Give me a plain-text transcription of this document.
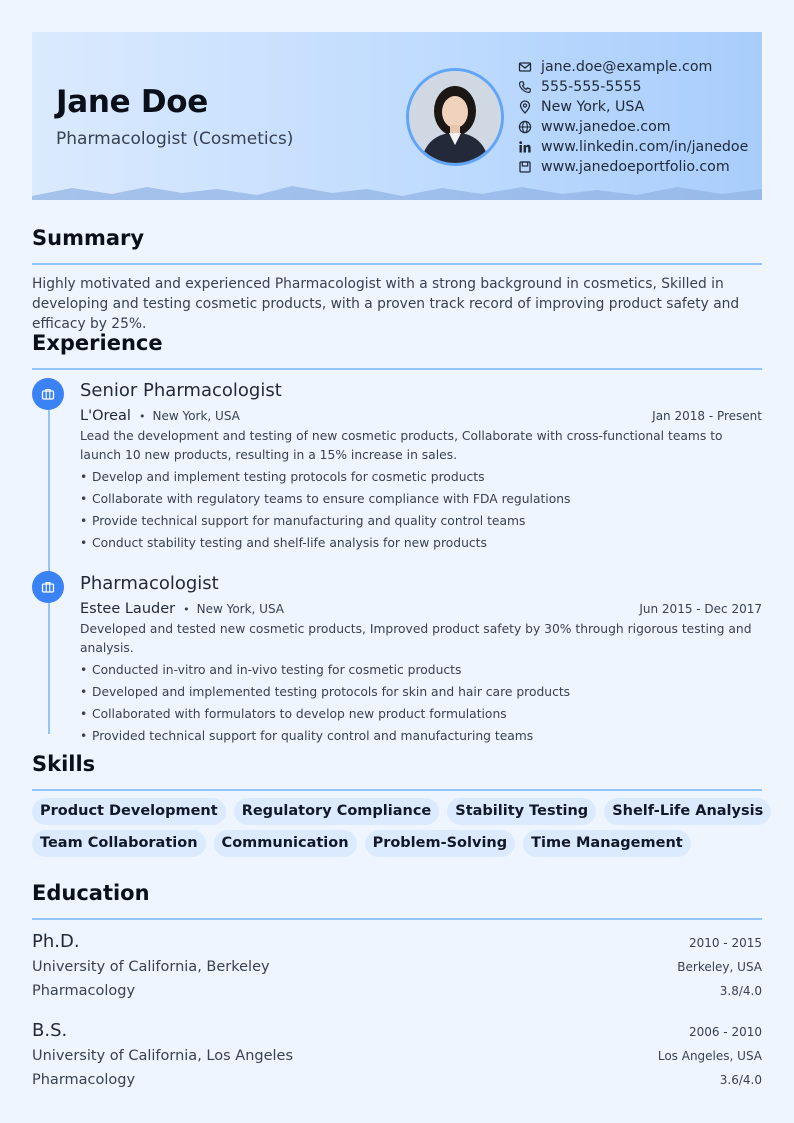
Jane Doe
Pharmacologist (Cosmetics)
jane.doe@example.com
555-555-5555
New York, USA
www.janedoe.com
www.linkedin.com/in/janedoe
www.janedoeportfolio.com
Summary
Highly motivated and experienced Pharmacologist with a strong background in cosmetics, Skilled in developing and testing cosmetic products, with a proven track record of improving product safety and efficacy by 25%.
Experience
Senior Pharmacologist
L'Oreal • New York, USA	Jan 2018 - Present
Lead the development and testing of new cosmetic products, Collaborate with cross-functional teams to launch 10 new products, resulting in a 15% increase in sales.
• Develop and implement testing protocols for cosmetic products
• Collaborate with regulatory teams to ensure compliance with FDA regulations
• Provide technical support for manufacturing and quality control teams
• Conduct stability testing and shelf-life analysis for new products
Pharmacologist
Estee Lauder • New York, USA	Jun 2015 - Dec 2017
Developed and tested new cosmetic products, Improved product safety by 30% through rigorous testing and analysis.
• Conducted in-vitro and in-vivo testing for cosmetic products
• Developed and implemented testing protocols for skin and hair care products
• Collaborated with formulators to develop new product formulations
• Provided technical support for quality control and manufacturing teams
Skills
Product Development	Regulatory Compliance	Stability Testing	Shelf-Life Analysis
Team Collaboration	Communication	Problem-Solving	Time Management
Education
Ph.D.	2010 - 2015
University of California, Berkeley	Berkeley, USA
Pharmacology	3.8/4.0
B.S.	2006 - 2010
University of California, Los Angeles	Los Angeles, USA
Pharmacology	3.6/4.0
